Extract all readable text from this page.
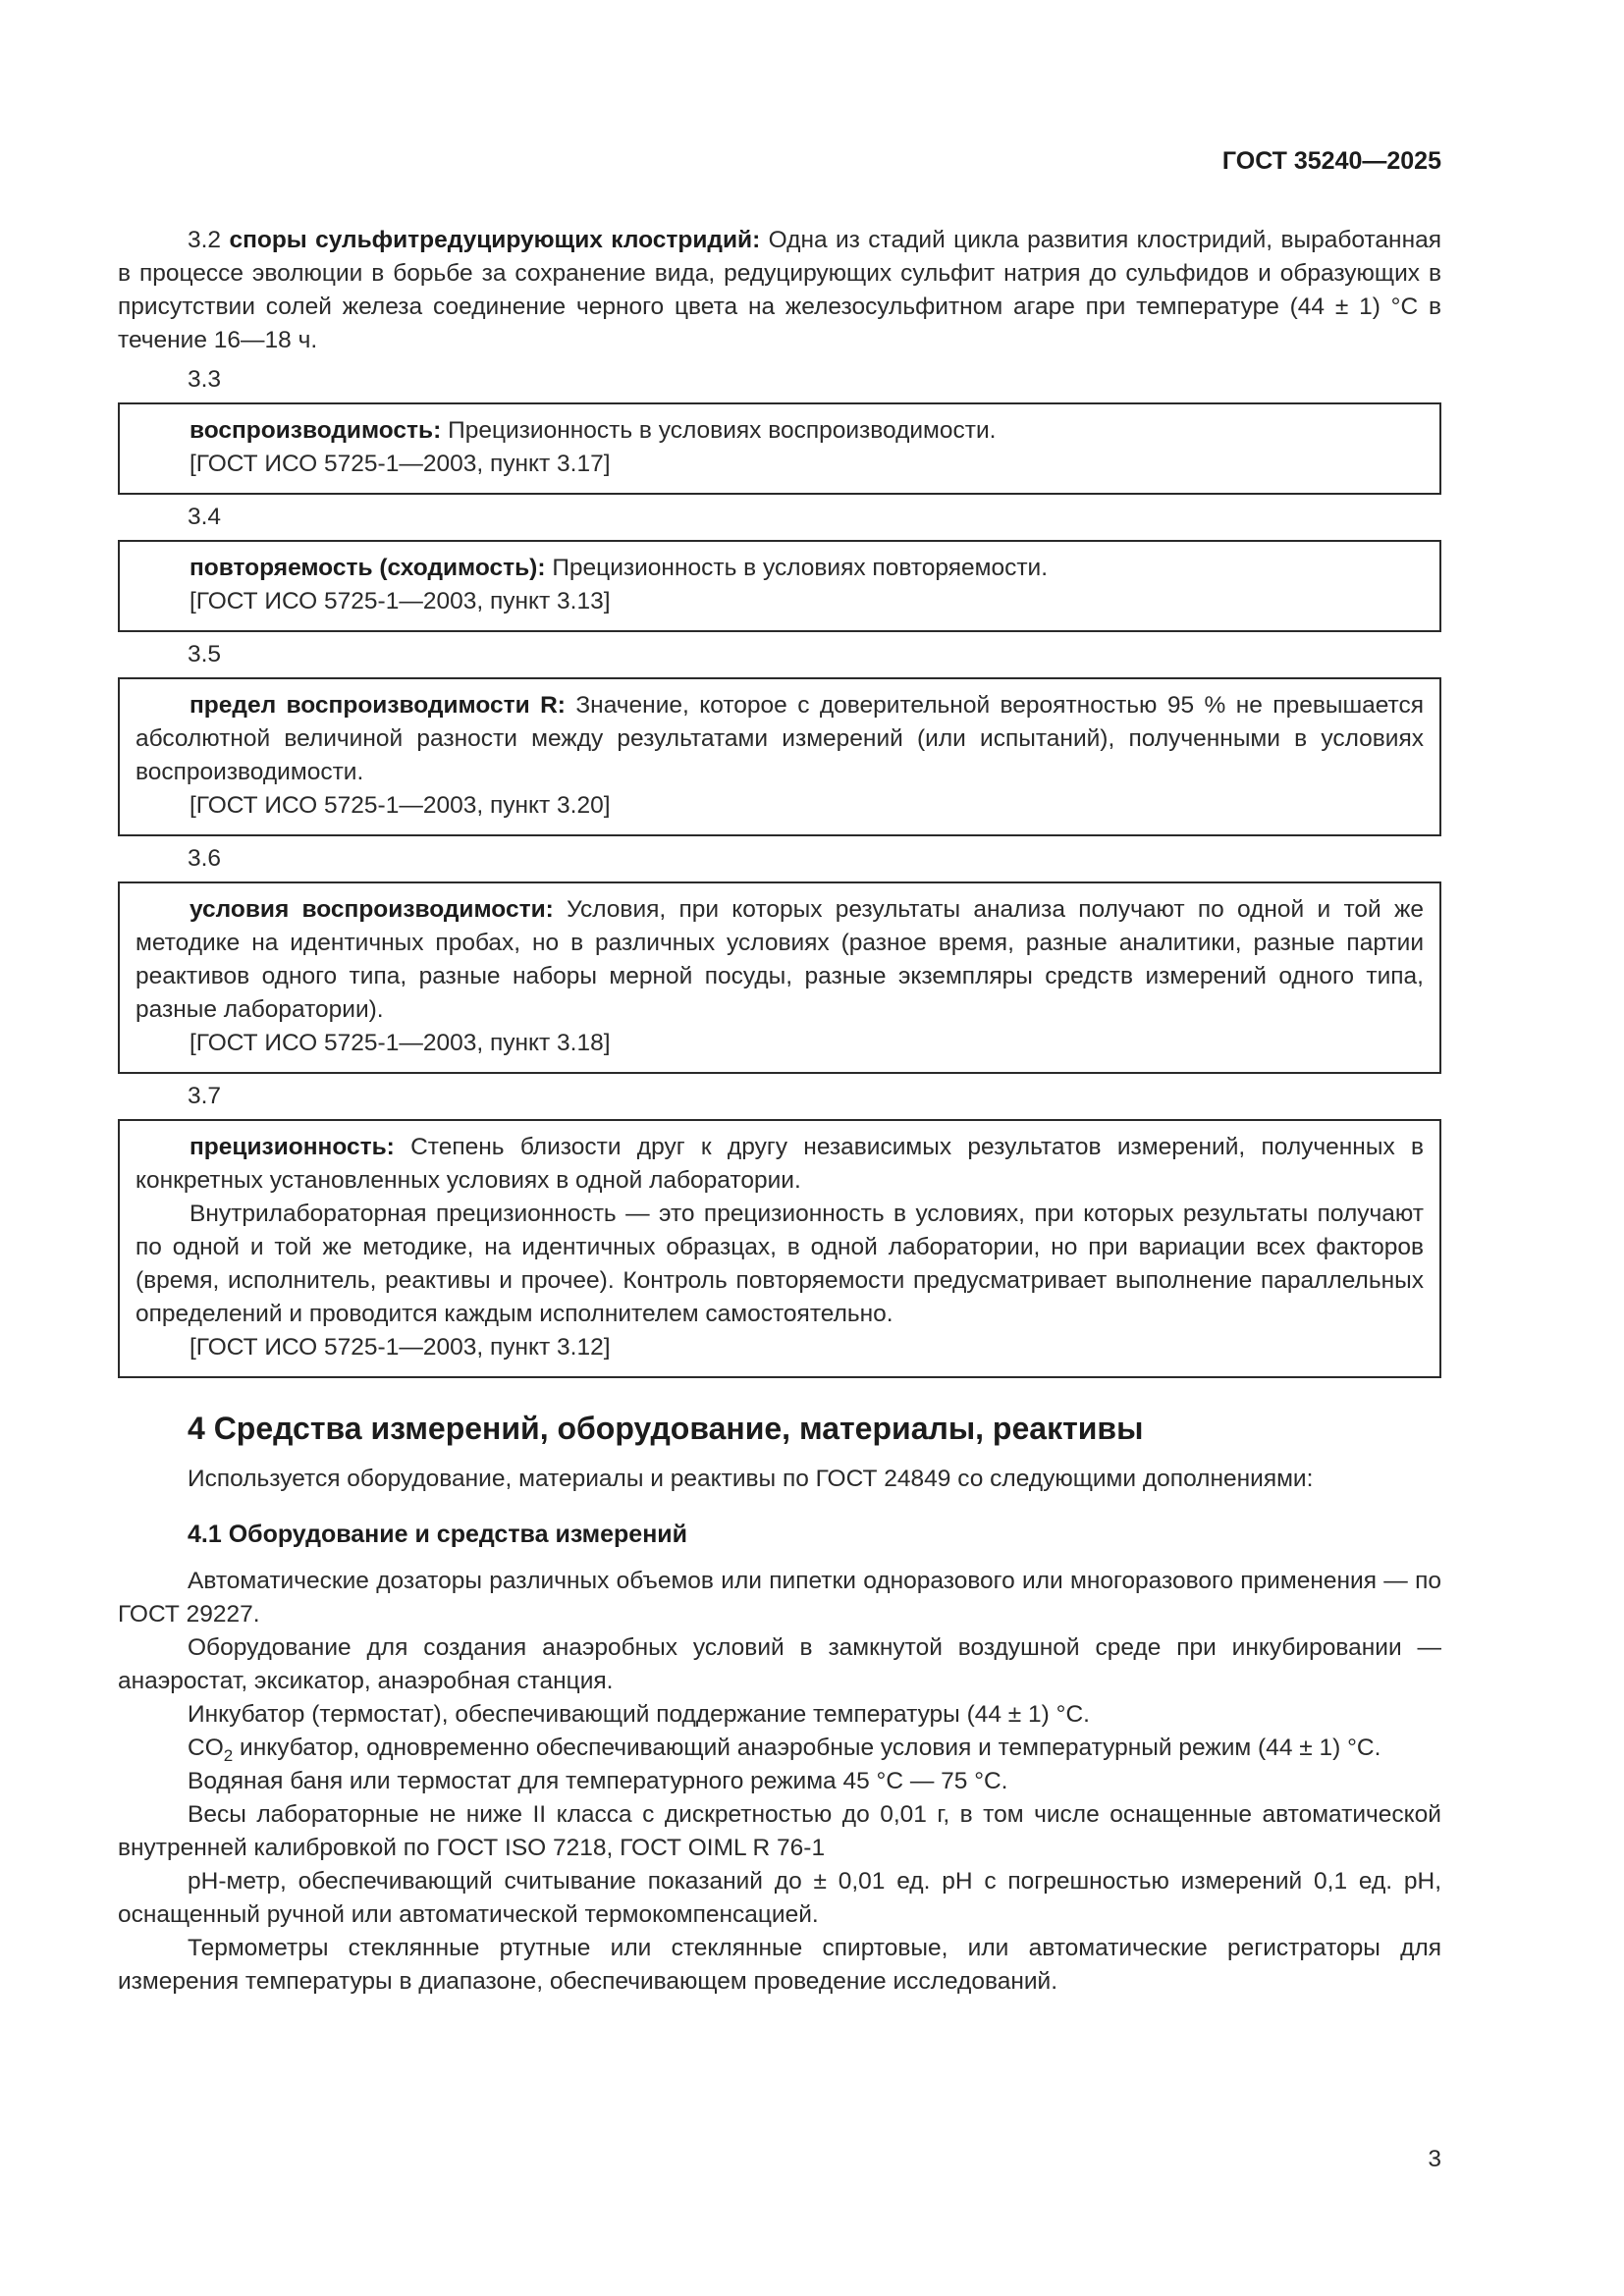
ГОСТ 35240—2025

3.2 споры сульфитредуцирующих клостридий: Одна из стадий цикла развития клостридий, выработанная в процессе эволюции в борьбе за сохранение вида, редуцирующих сульфит натрия до сульфидов и образующих в присутствии солей железа соединение черного цвета на железосульфитном агаре при температуре (44 ± 1) °С в течение 16—18 ч.

3.3

воспроизводимость: Прецизионность в условиях воспроизводимости.

[ГОСТ ИСО 5725-1—2003, пункт 3.17]
3.4

повторяемость (сходимость): Прецизионность в условиях повторяемости.

[ГОСТ ИСО 5725-1—2003, пункт 3.13]
3.5

предел воспроизводимости R: Значение, которое с доверительной вероятностью 95 % не превышается абсолютной величиной разности между результатами измерений (или испытаний), полученными в условиях воспроизводимости.

[ГОСТ ИСО 5725-1—2003, пункт 3.20]
3.6

условия воспроизводимости: Условия, при которых результаты анализа получают по одной и той же методике на идентичных пробах, но в различных условиях (разное время, разные аналитики, разные партии реактивов одного типа, разные наборы мерной посуды, разные экземпляры средств измерений одного типа, разные лаборатории).

[ГОСТ ИСО 5725-1—2003, пункт 3.18]
3.7

прецизионность: Степень близости друг к другу независимых результатов измерений, полученных в конкретных установленных условиях в одной лаборатории.

Внутрилабораторная прецизионность — это прецизионность в условиях, при которых результаты получают по одной и той же методике, на идентичных образцах, в одной лаборатории, но при вариации всех факторов (время, исполнитель, реактивы и прочее). Контроль повторяемости предусматривает выполнение параллельных определений и проводится каждым исполнителем самостоятельно.

[ГОСТ ИСО 5725-1—2003, пункт 3.12]
4 Средства измерений, оборудование, материалы, реактивы

Используется оборудование, материалы и реактивы по ГОСТ 24849 со следующими дополнениями:

4.1 Оборудование и средства измерений

Автоматические дозаторы различных объемов или пипетки одноразового или многоразового применения — по ГОСТ 29227.

Оборудование для создания анаэробных условий в замкнутой воздушной среде при инкубировании — анаэростат, эксикатор, анаэробная станция.

Инкубатор (термостат), обеспечивающий поддержание температуры (44 ± 1) °С.

$CO_2$ инкубатор, одновременно обеспечивающий анаэробные условия и температурный режим (44 ± 1) °С.

Водяная баня или термостат для температурного режима 45 °С — 75 °С.

Весы лабораторные не ниже II класса с дискретностью до 0,01 г, в том числе оснащенные автоматической внутренней калибровкой по ГОСТ ISO 7218, ГОСТ OIML R 76-1

pH-метр, обеспечивающий считывание показаний до ± 0,01 ед. pH с погрешностью измерений 0,1 ед. pH, оснащенный ручной или автоматической термокомпенсацией.

Термометры стеклянные ртутные или стеклянные спиртовые, или автоматические регистраторы для измерения температуры в диапазоне, обеспечивающем проведение исследований.

3
